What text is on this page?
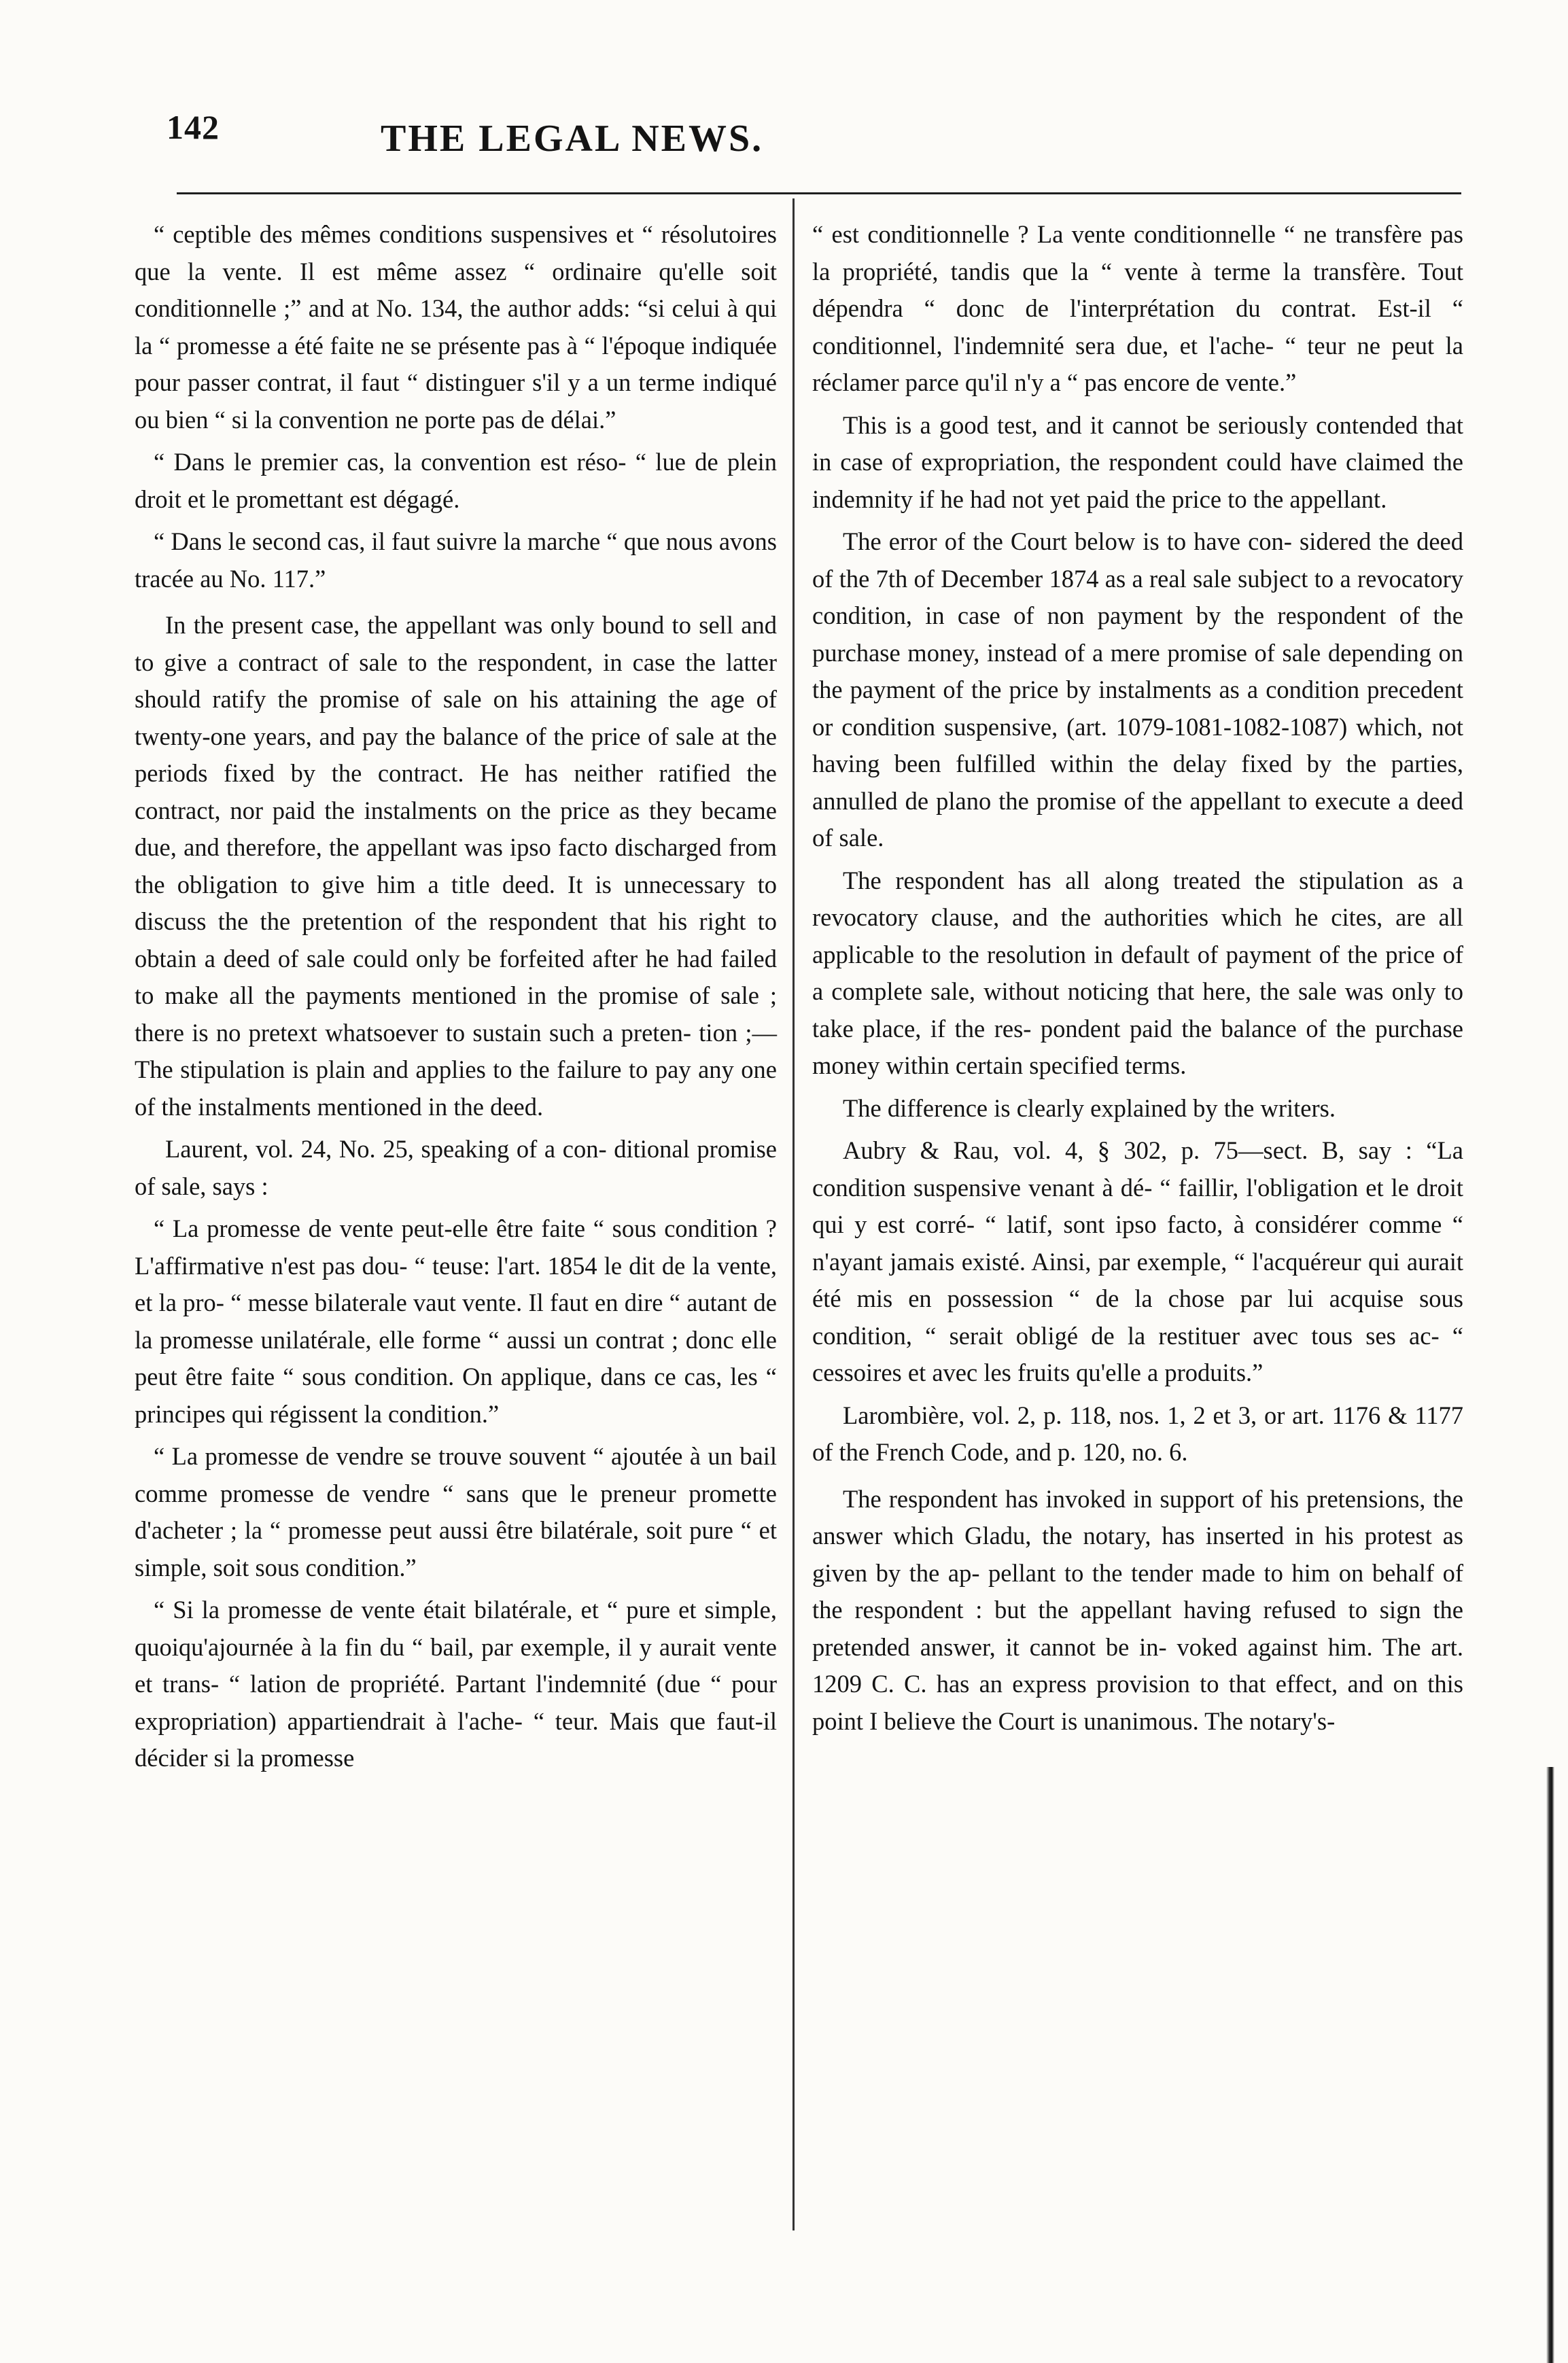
142	THE LEGAL NEWS.

“ ceptible des mêmes conditions suspensives et “ résolutoires que la vente. Il est même assez “ ordinaire qu'elle soit conditionnelle ;” and at No. 134, the author adds: “si celui à qui la “ promesse a été faite ne se présente pas à “ l'époque indiquée pour passer contrat, il faut “ distinguer s'il y a un terme indiqué ou bien “ si la convention ne porte pas de délai.”

“ Dans le premier cas, la convention est réso- “ lue de plein droit et le promettant est dégagé.

“ Dans le second cas, il faut suivre la marche “ que nous avons tracée au No. 117.”

In the present case, the appellant was only bound to sell and to give a contract of sale to the respondent, in case the latter should ratify the promise of sale on his attaining the age of twenty-one years, and pay the balance of the price of sale at the periods fixed by the contract. He has neither ratified the contract, nor paid the instalments on the price as they became due, and therefore, the appellant was ipso facto discharged from the obligation to give him a title deed. It is unnecessary to discuss the the pretention of the respondent that his right to obtain a deed of sale could only be forfeited after he had failed to make all the payments mentioned in the promise of sale ; there is no pretext whatsoever to sustain such a preten- tion ;—The stipulation is plain and applies to the failure to pay any one of the instalments mentioned in the deed.

Laurent, vol. 24, No. 25, speaking of a con- ditional promise of sale, says :

“ La promesse de vente peut-elle être faite “ sous condition ? L'affirmative n'est pas dou- “ teuse: l'art. 1854 le dit de la vente, et la pro- “ messe bilaterale vaut vente. Il faut en dire “ autant de la promesse unilatérale, elle forme “ aussi un contrat ; donc elle peut être faite “ sous condition. On applique, dans ce cas, les “ principes qui régissent la condition.”

“ La promesse de vendre se trouve souvent “ ajoutée à un bail comme promesse de vendre “ sans que le preneur promette d'acheter ; la “ promesse peut aussi être bilatérale, soit pure “ et simple, soit sous condition.”

“ Si la promesse de vente était bilatérale, et “ pure et simple, quoiqu'ajournée à la fin du “ bail, par exemple, il y aurait vente et trans- “ lation de propriété. Partant l'indemnité (due “ pour expropriation) appartiendrait à l'ache- “ teur. Mais que faut-il décider si la promesse

“ est conditionnelle ? La vente conditionnelle “ ne transfère pas la propriété, tandis que la “ vente à terme la transfère. Tout dépendra “ donc de l'interprétation du contrat. Est-il “ conditionnel, l'indemnité sera due, et l'ache- “ teur ne peut la réclamer parce qu'il n'y a “ pas encore de vente.”

This is a good test, and it cannot be seriously contended that in case of expropriation, the respondent could have claimed the indemnity if he had not yet paid the price to the appellant.

The error of the Court below is to have con- sidered the deed of the 7th of December 1874 as a real sale subject to a revocatory condition, in case of non payment by the respondent of the purchase money, instead of a mere promise of sale depending on the payment of the price by instalments as a condition precedent or condition suspensive, (art. 1079-1081-1082-1087) which, not having been fulfilled within the delay fixed by the parties, annulled de plano the promise of the appellant to execute a deed of sale.

The respondent has all along treated the stipulation as a revocatory clause, and the authorities which he cites, are all applicable to the resolution in default of payment of the price of a complete sale, without noticing that here, the sale was only to take place, if the res- pondent paid the balance of the purchase money within certain specified terms.

The difference is clearly explained by the writers.

Aubry & Rau, vol. 4, § 302, p. 75—sect. B, say : “La condition suspensive venant à dé- “ faillir, l'obligation et le droit qui y est corré- “ latif, sont ipso facto, à considérer comme “ n'ayant jamais existé. Ainsi, par exemple, “ l'acquéreur qui aurait été mis en possession “ de la chose par lui acquise sous condition, “ serait obligé de la restituer avec tous ses ac- “ cessoires et avec les fruits qu'elle a produits.”

Larombière, vol. 2, p. 118, nos. 1, 2 et 3, or art. 1176 & 1177 of the French Code, and p. 120, no. 6.

The respondent has invoked in support of his pretensions, the answer which Gladu, the notary, has inserted in his protest as given by the ap- pellant to the tender made to him on behalf of the respondent : but the appellant having refused to sign the pretended answer, it cannot be in- voked against him. The art. 1209 C. C. has an express provision to that effect, and on this point I believe the Court is unanimous. The notary's-
